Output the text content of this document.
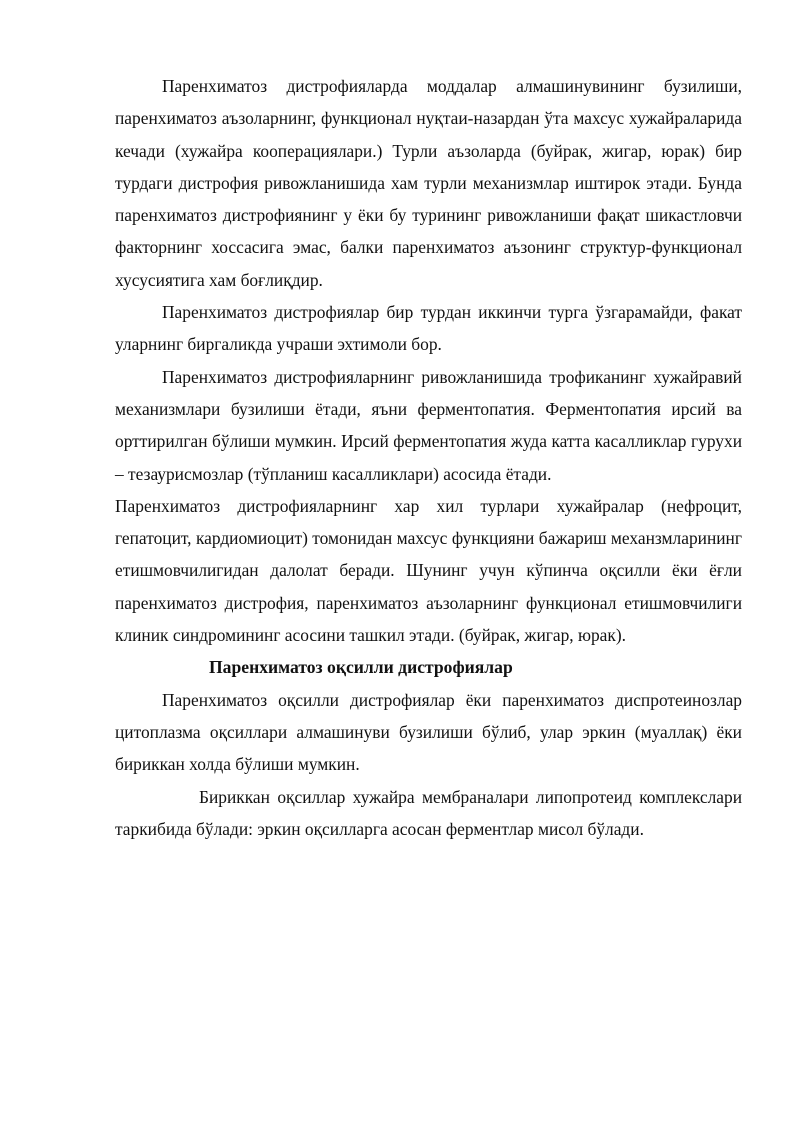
Паренхиматоз дистрофияларда моддалар алмашинувининг бузилиши, паренхиматоз аъзоларнинг, функционал нуқтаи-назардан ўта махсус хужайраларида кечади (хужайра кооперациялари.) Турли аъзоларда (буйрак, жигар, юрак) бир турдаги дистрофия ривожланишида хам турли механизмлар иштирок этади. Бунда паренхиматоз дистрофиянинг у ёки бу турининг ривожланиши фақат шикастловчи факторнинг хоссасига эмас, балки паренхиматоз аъзонинг структур-функционал хусусиятига хам боғлиқдир.

Паренхиматоз дистрофиялар бир турдан иккинчи турга ўзгарамайди, факат уларнинг биргаликда учраши эхтимоли бор.

Паренхиматоз дистрофияларнинг ривожланишида трофиканинг хужайравий механизмлари бузилиши ётади, яъни ферментопатия. Ферментопатия ирсий ва орттирилган бўлиши мумкин. Ирсий ферментопатия жуда катта касалликлар гурухи – тезаурисмозлар (тўпланиш касалликлари) асосида ётади.

Паренхиматоз дистрофияларнинг хар хил турлари хужайралар (нефроцит, гепатоцит, кардиомиоцит) томонидан махсус функцияни бажариш механзмларининг етишмовчилигидан далолат беради. Шунинг учун кўпинча оқсилли ёки ёғли паренхиматоз дистрофия, паренхиматоз аъзоларнинг функционал етишмовчилиги клиник синдромининг асосини ташкил этади. (буйрак, жигар, юрак).

Паренхиматоз оқсилли дистрофиялар

Паренхиматоз оқсилли дистрофиялар ёки паренхиматоз диспротеинозлар цитоплазма оқсиллари алмашинуви бузилиши бўлиб, улар эркин (муаллақ) ёки бириккан холда бўлиши мумкин.

Бириккан оқсиллар хужайра мембраналари липопротеид комплекслари таркибида бўлади: эркин оқсилларга асосан ферментлар мисол бўлади.
